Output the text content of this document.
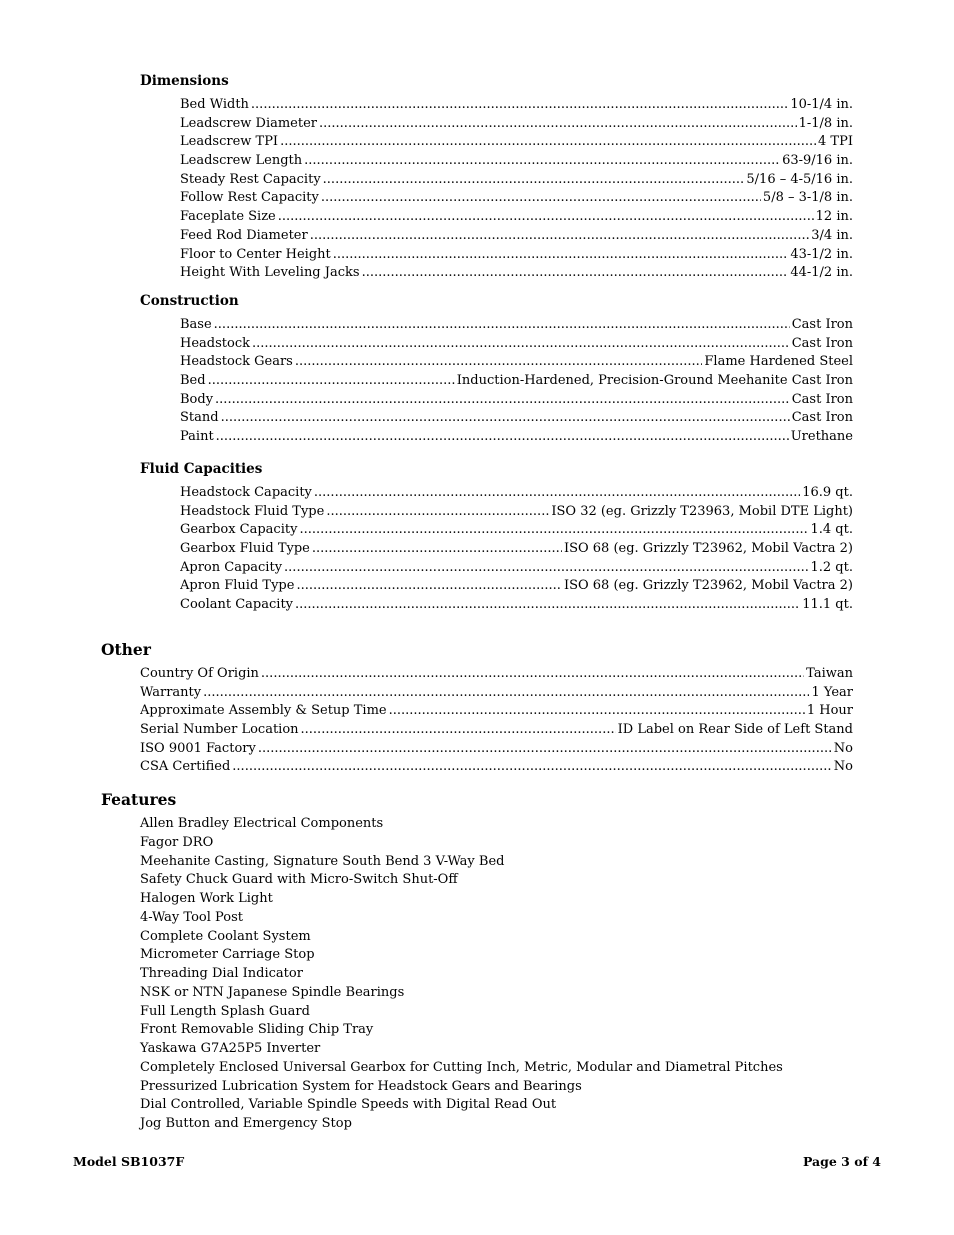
Dimensions
Bed Width .....	10-1/4 in.
Leadscrew Diameter .....	1-1/8 in.
Leadscrew TPI .....	4 TPI
Leadscrew Length .....	63-9/16 in.
Steady Rest Capacity .....	5/16 – 4-5/16 in.
Follow Rest Capacity .....	5/8 – 3-1/8 in.
Faceplate Size .....	12 in.
Feed Rod Diameter .....	3/4 in.
Floor to Center Height .....	43-1/2 in.
Height With Leveling Jacks .....	44-1/2 in.
Construction
Base .....	Cast Iron
Headstock .....	Cast Iron
Headstock Gears .....	Flame Hardened Steel
Bed .....	Induction-Hardened, Precision-Ground Meehanite Cast Iron
Body .....	Cast Iron
Stand .....	Cast Iron
Paint .....	Urethane
Fluid Capacities
Headstock Capacity .....	16.9 qt.
Headstock Fluid Type .....	ISO 32 (eg. Grizzly T23963, Mobil DTE Light)
Gearbox Capacity .....	1.4 qt.
Gearbox Fluid Type .....	ISO 68 (eg. Grizzly T23962, Mobil Vactra 2)
Apron Capacity .....	1.2 qt.
Apron Fluid Type .....	ISO 68 (eg. Grizzly T23962, Mobil Vactra 2)
Coolant Capacity .....	11.1 qt.
Other
Country Of Origin .....	Taiwan
Warranty .....	1 Year
Approximate Assembly & Setup Time .....	1 Hour
Serial Number Location .....	ID Label on Rear Side of Left Stand
ISO 9001 Factory .....	No
CSA Certified .....	No
Features
Allen Bradley Electrical Components
Fagor DRO
Meehanite Casting, Signature South Bend 3 V-Way Bed
Safety Chuck Guard with Micro-Switch Shut-Off
Halogen Work Light
4-Way Tool Post
Complete Coolant System
Micrometer Carriage Stop
Threading Dial Indicator
NSK or NTN Japanese Spindle Bearings
Full Length Splash Guard
Front Removable Sliding Chip Tray
Yaskawa G7A25P5 Inverter
Completely Enclosed Universal Gearbox for Cutting Inch, Metric, Modular and Diametral Pitches
Pressurized Lubrication System for Headstock Gears and Bearings
Dial Controlled, Variable Spindle Speeds with Digital Read Out
Jog Button and Emergency Stop
Model SB1037F	Page 3 of 4
